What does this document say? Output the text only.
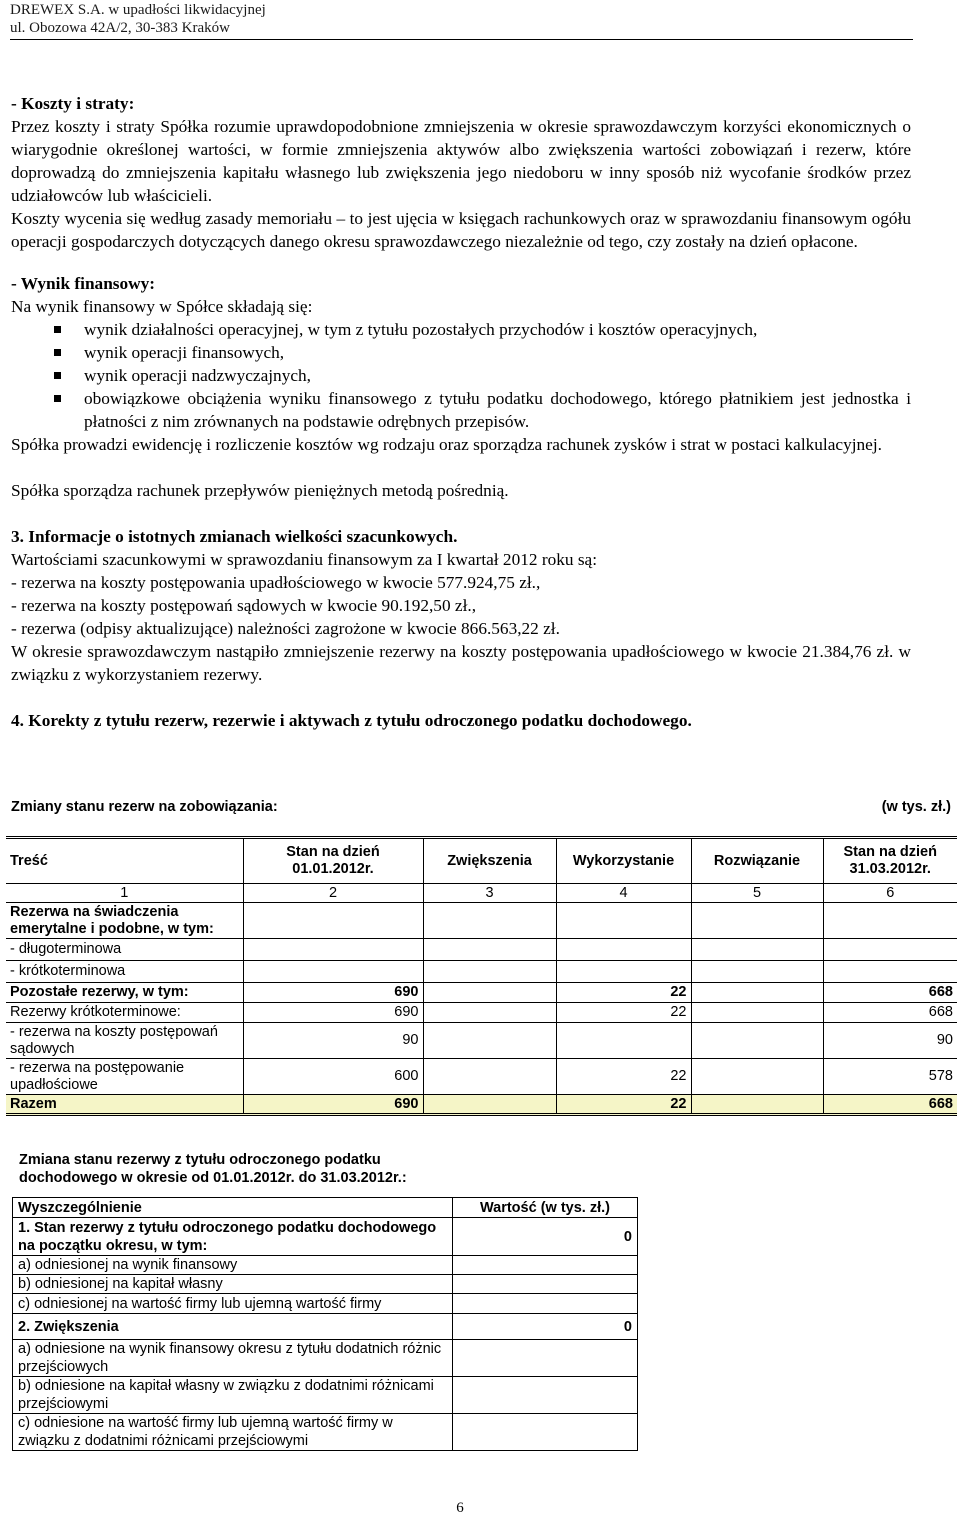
DREWEX S.A. w upadłości likwidacyjnej
ul. Obozowa 42A/2, 30-383 Kraków
- Koszty i straty:

Przez koszty i straty Spółka rozumie uprawdopodobnione zmniejszenia w okresie sprawozdawczym korzyści ekonomicznych o wiarygodnie określonej wartości, w formie zmniejszenia aktywów albo zwiększenia wartości zobowiązań i rezerw, które doprowadzą do zmniejszenia kapitału własnego lub zwiększenia jego niedoboru w inny sposób niż wycofanie środków przez udziałowców lub właścicieli.

Koszty wycenia się według zasady memoriału – to jest ujęcia w księgach rachunkowych oraz w sprawozdaniu finansowym ogółu operacji gospodarczych dotyczących danego okresu sprawozdawczego niezależnie od tego, czy zostały na dzień opłacone.

- Wynik finansowy:

Na wynik finansowy w Spółce składają się:

wynik działalności operacyjnej, w tym z tytułu pozostałych przychodów i kosztów operacyjnych,
wynik operacji finansowych,
wynik operacji nadzwyczajnych,
obowiązkowe obciążenia wyniku finansowego z tytułu podatku dochodowego, którego płatnikiem jest jednostka i płatności z nim zrównanych na podstawie odrębnych przepisów.

Spółka prowadzi ewidencję i rozliczenie kosztów wg rodzaju oraz sporządza rachunek zysków i strat w postaci kalkulacyjnej.

Spółka sporządza rachunek przepływów pieniężnych metodą pośrednią.

3. Informacje o istotnych zmianach wielkości szacunkowych.

Wartościami szacunkowymi w sprawozdaniu finansowym za I kwartał 2012 roku są:

- rezerwa na koszty postępowania upadłościowego w kwocie 577.924,75 zł.,

- rezerwa na koszty postępowań sądowych w kwocie 90.192,50 zł.,

- rezerwa (odpisy aktualizujące) należności zagrożone w kwocie 866.563,22 zł.

W okresie sprawozdawczym nastąpiło zmniejszenie rezerwy na koszty postępowania upadłościowego w kwocie 21.384,76 zł. w związku z wykorzystaniem rezerwy.

4. Korekty z tytułu rezerw, rezerwie i aktywach z tytułu odroczonego podatku dochodowego.
Zmiany stanu rezerw na zobowiązania:	(w tys. zł.)
Treść	Stan na dzień 01.01.2012r.	Zwiększenia	Wykorzystanie	Rozwiązanie	Stan na dzień 31.03.2012r.
1	2	3	4	5	6
Rezerwa na świadczenia emerytalne i podobne, w tym:					
- długoterminowa					
- krótkoterminowa					
Pozostałe rezerwy, w tym:	690		22		668
Rezerwy krótkoterminowe:	690		22		668
- rezerwa na koszty postępowań sądowych	90				90
- rezerwa na postępowanie upadłościowe	600		22		578
Razem	690		22		668
Zmiana stanu rezerwy z tytułu odroczonego podatku dochodowego w okresie od 01.01.2012r. do 31.03.2012r.:
Wyszczególnienie	Wartość (w tys. zł.)
1. Stan rezerwy z tytułu odroczonego podatku dochodowego na początku okresu, w tym:	0
a) odniesionej na wynik finansowy	
b) odniesionej na kapitał własny	
c) odniesionej na wartość firmy lub ujemną wartość firmy	
2. Zwiększenia	0
a) odniesione na wynik finansowy okresu z tytułu dodatnich różnic przejściowych	
b) odniesione na kapitał własny w związku z dodatnimi różnicami przejściowymi	
c) odniesione na wartość firmy lub ujemną wartość firmy w związku z dodatnimi różnicami przejściowymi	
6
